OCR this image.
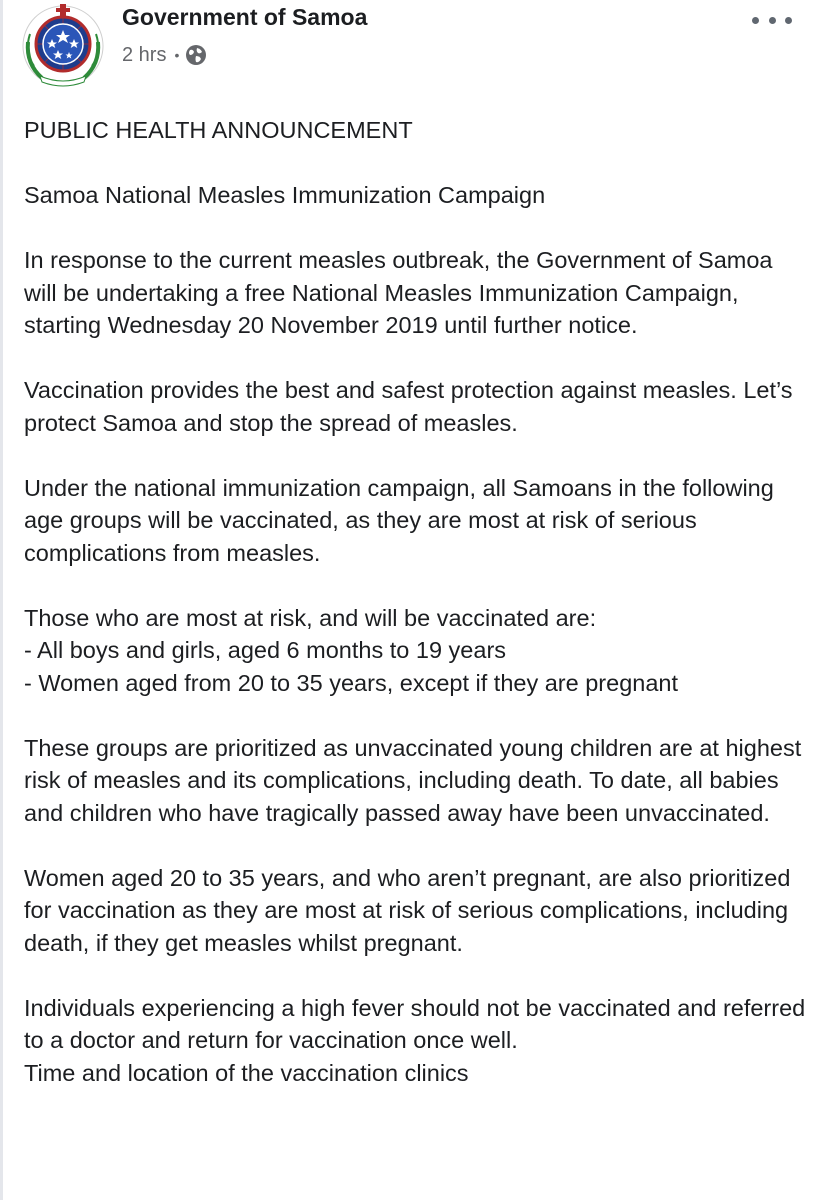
Government of Samoa
2 hrs •

PUBLIC HEALTH ANNOUNCEMENT

Samoa National Measles Immunization Campaign

In response to the current measles outbreak, the Government of Samoa will be undertaking a free National Measles Immunization Campaign, starting Wednesday 20 November 2019 until further notice.

Vaccination provides the best and safest protection against measles. Let’s protect Samoa and stop the spread of measles.

Under the national immunization campaign, all Samoans in the following age groups will be vaccinated, as they are most at risk of serious complications from measles.

Those who are most at risk, and will be vaccinated are:
- All boys and girls, aged 6 months to 19 years
- Women aged from 20 to 35 years, except if they are pregnant

These groups are prioritized as unvaccinated young children are at highest risk of measles and its complications, including death. To date, all babies and children who have tragically passed away have been unvaccinated.

Women aged 20 to 35 years, and who aren’t pregnant, are also prioritized for vaccination as they are most at risk of serious complications, including death, if they get measles whilst pregnant.

Individuals experiencing a high fever should not be vaccinated and referred to a doctor and return for vaccination once well.
Time and location of the vaccination clinics
